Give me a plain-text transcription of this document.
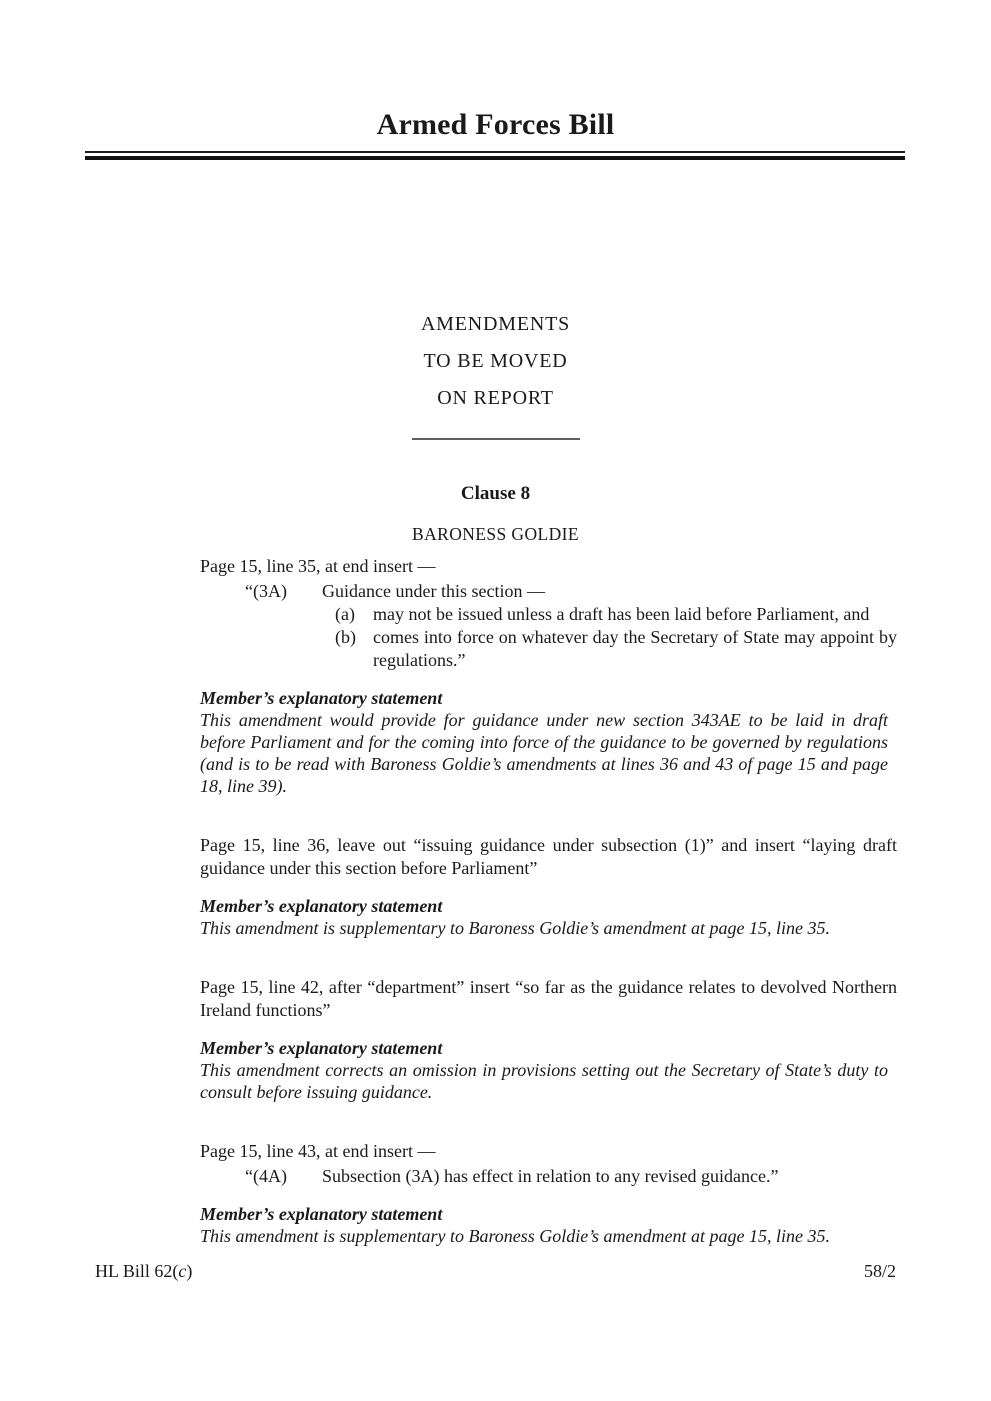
Armed Forces Bill
AMENDMENTS
TO BE MOVED
ON REPORT
Clause 8
BARONESS GOLDIE
Page 15, line 35, at end insert —
“(3A)	Guidance under this section —
(a)	may not be issued unless a draft has been laid before Parliament, and
(b) comes into force on whatever day the Secretary of State may appoint by regulations.”
Member’s explanatory statement
This amendment would provide for guidance under new section 343AE to be laid in draft before Parliament and for the coming into force of the guidance to be governed by regulations (and is to be read with Baroness Goldie’s amendments at lines 36 and 43 of page 15 and page 18, line 39).
Page 15, line 36, leave out “issuing guidance under subsection (1)” and insert “laying draft guidance under this section before Parliament”
Member’s explanatory statement
This amendment is supplementary to Baroness Goldie’s amendment at page 15, line 35.
Page 15, line 42, after “department” insert “so far as the guidance relates to devolved Northern Ireland functions”
Member’s explanatory statement
This amendment corrects an omission in provisions setting out the Secretary of State’s duty to consult before issuing guidance.
Page 15, line 43, at end insert —
“(4A)	Subsection (3A) has effect in relation to any revised guidance.”
Member’s explanatory statement
This amendment is supplementary to Baroness Goldie’s amendment at page 15, line 35.
HL Bill 62(c)	58/2
